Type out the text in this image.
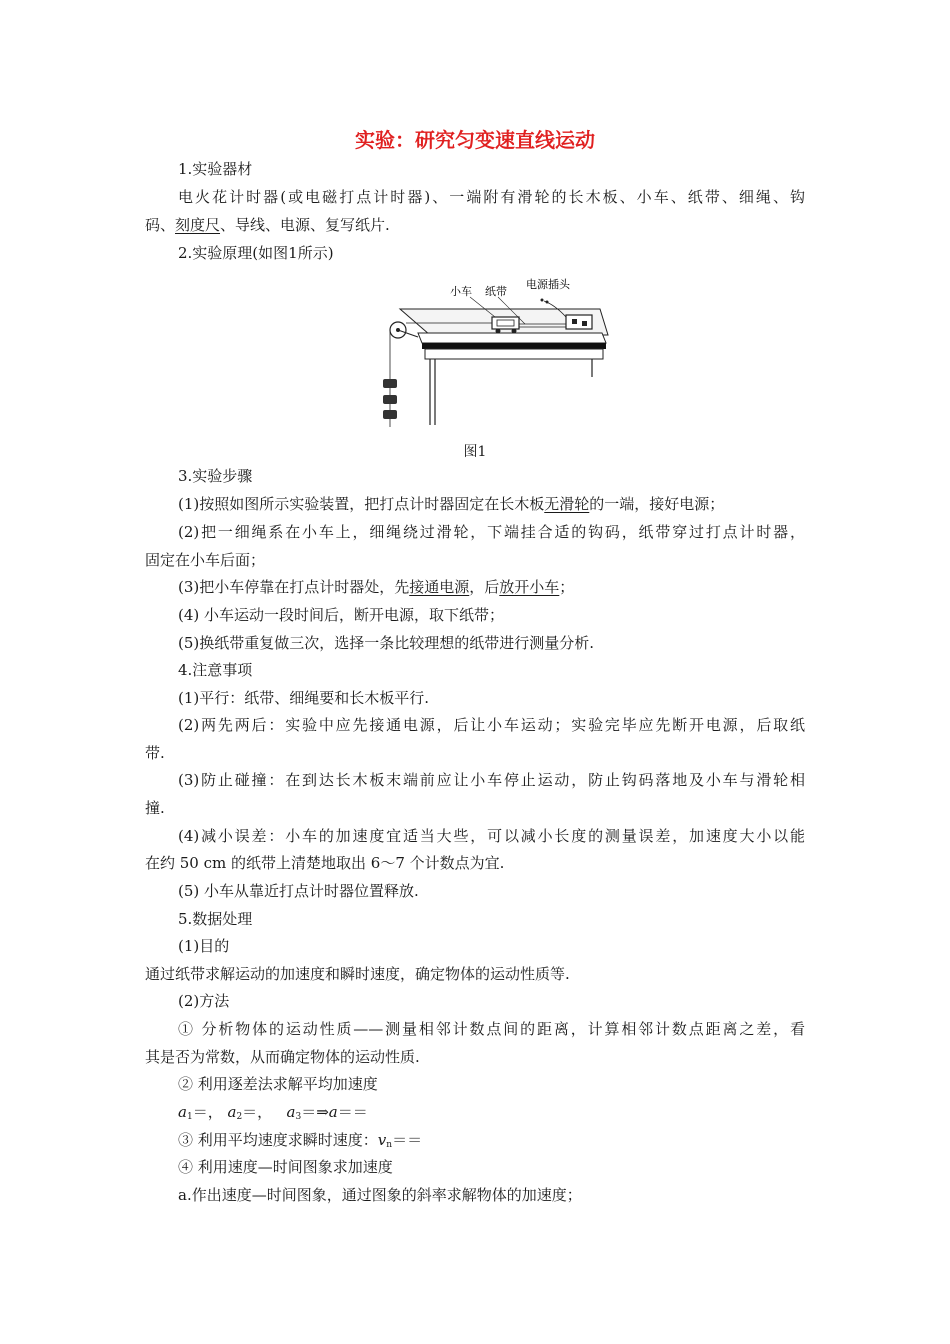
实验：研究匀变速直线运动
1.实验器材
电火花计时器(或电磁打点计时器)、一端附有滑轮的长木板、小车、纸带、细绳、钩
码、刻度尺、导线、电源、复写纸片.
2.实验原理(如图1所示)
小车 纸带
电源插头
图1
3.实验步骤
(1)按照如图所示实验装置，把打点计时器固定在长木板无滑轮的一端，接好电源；
(2)把一细绳系在小车上，细绳绕过滑轮，下端挂合适的钩码，纸带穿过打点计时器，
固定在小车后面；
(3)把小车停靠在打点计时器处，先接通电源，后放开小车；
(4) 小车运动一段时间后，断开电源，取下纸带；
(5)换纸带重复做三次，选择一条比较理想的纸带进行测量分析.
4.注意事项
(1)平行：纸带、细绳要和长木板平行.
(2)两先两后：实验中应先接通电源，后让小车运动；实验完毕应先断开电源，后取纸
带.
(3)防止碰撞：在到达长木板末端前应让小车停止运动，防止钩码落地及小车与滑轮相
撞.
(4)减小误差：小车的加速度宜适当大些，可以减小长度的测量误差，加速度大小以能
在约 50 cm 的纸带上清楚地取出 6～7 个计数点为宜.
(5) 小车从靠近打点计时器位置释放.
5.数据处理
(1)目的
通过纸带求解运动的加速度和瞬时速度，确定物体的运动性质等.
(2)方法
① 分析物体的运动性质——测量相邻计数点间的距离，计算相邻计数点距离之差，看
其是否为常数，从而确定物体的运动性质.
② 利用逐差法求解平均加速度
$a_1=$， $a_2=$， $a_3=\Rightarrow a==$
③ 利用平均速度求瞬时速度：$v_n==$
④ 利用速度—时间图象求加速度
a.作出速度—时间图象，通过图象的斜率求解物体的加速度；
